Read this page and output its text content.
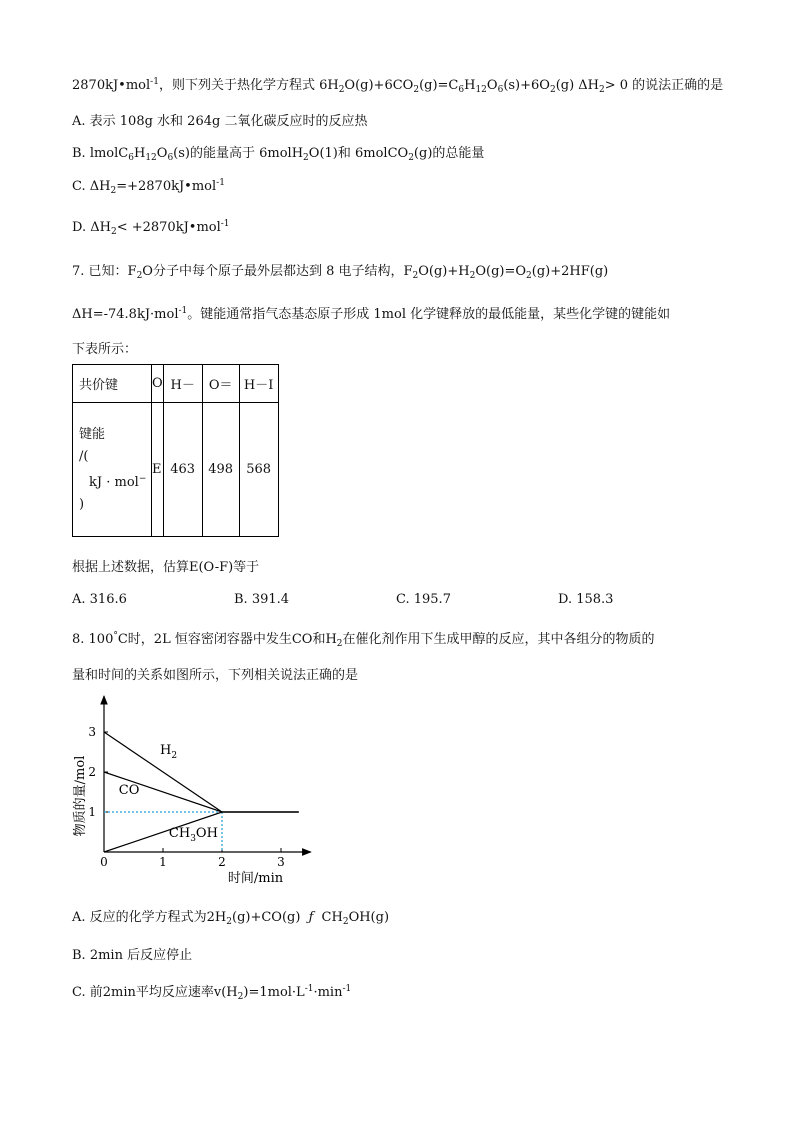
2870kJ•mol$^{-1}$，则下列关于热化学方程式 $6H_2O(g)+6CO_2(g)=C_6H_{12}O_6(s)+6O_2(g)$ $\Delta H_2> 0$ 的说法正确的是
A. 表示 108g 水和 264g 二氧化碳反应时的反应热
B. $lmolC_6H_{12}O_6(s)$的能量高于 6molH$_2$O(1)和 6molCO$_2$(g)的总能量
C. $\Delta H_2=+2870kJ•mol^{-1}$
D. $\Delta H_2<$ +2870kJ•mol$^{-1}$
7. 已知：$F_2O$分子中每个原子最外层都达到 8 电子结构，$F_2O(g)+H_2O(g)=O_2(g)+2HF(g)$
ΔH=-74.8kJ·mol$^{-1}$。键能通常指气态基态原子形成 1mol 化学键释放的最低能量，某些化学键的键能如
下表所示：
共价键	O	H－	O＝	H－I

键能
/(
kJ · mol−
)	E	463	498	568
根据上述数据，估算E(O-F)等于
A. 316.6	B. 391.4	C. 195.7	D. 158.3
8. 100°C时，2L 恒容密闭容器中发生CO和$H_2$在催化剂作用下生成甲醇的反应，其中各组分的物质的
量和时间的关系如图所示，下列相关说法正确的是
0	1	2	3
1
2
3
$H_2$
CO
$CH_3OH$
时间/min
物质的量/mol
A. 反应的化学方程式为$2H_2(g)+CO(g)$ ƒ $CH_2OH(g)$
B. 2min 后反应停止
C. 前2min平均反应速率$v(H_2)=1mol\cdot L^{-1}\cdot\min^{-1}$
